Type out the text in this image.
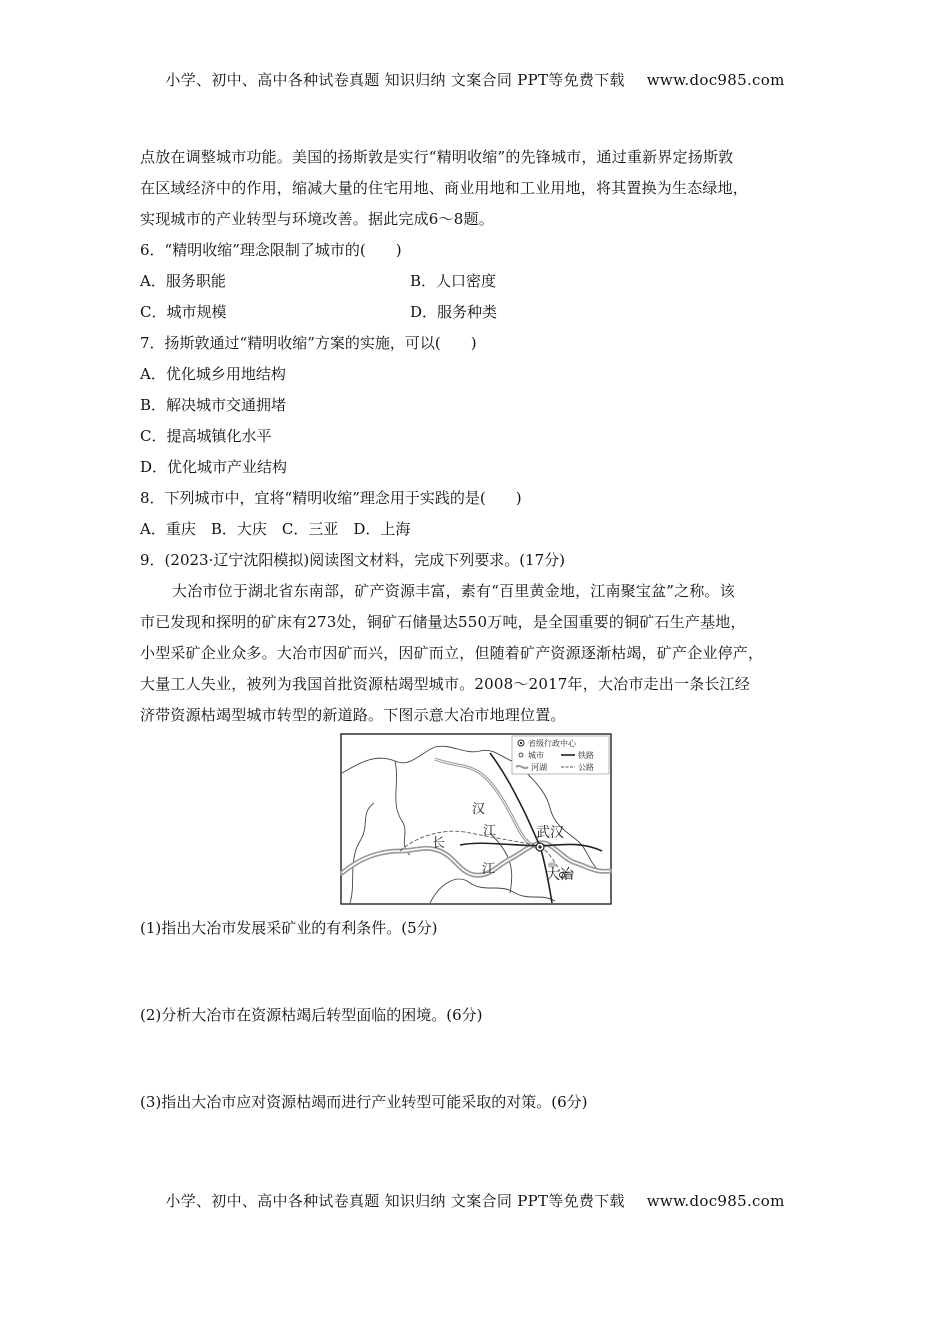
小学、初中、高中各种试卷真题 知识归纳 文案合同 PPT等免费下载 www.doc985.com
点放在调整城市功能。美国的扬斯敦是实行“精明收缩”的先锋城市，通过重新界定扬斯敦
在区域经济中的作用，缩减大量的住宅用地、商业用地和工业用地，将其置换为生态绿地，
实现城市的产业转型与环境改善。据此完成6～8题。
6．“精明收缩”理念限制了城市的(　　)
A．服务职能	B．人口密度
C．城市规模	D．服务种类
7．扬斯敦通过“精明收缩”方案的实施，可以(　　)
A．优化城乡用地结构
B．解决城市交通拥堵
C．提高城镇化水平
D．优化城市产业结构
8．下列城市中，宜将“精明收缩”理念用于实践的是(　　)
A．重庆　B．大庆　C．三亚　D．上海
9．(2023·辽宁沈阳模拟)阅读图文材料，完成下列要求。(17分)
大冶市位于湖北省东南部，矿产资源丰富，素有“百里黄金地，江南聚宝盆”之称。该
市已发现和探明的矿床有273处，铜矿石储量达550万吨，是全国重要的铜矿石生产基地，
小型采矿企业众多。大冶市因矿而兴，因矿而立，但随着矿产资源逐渐枯竭，矿产企业停产，
大量工人失业，被列为我国首批资源枯竭型城市。2008～2017年，大冶市走出一条长江经
济带资源枯竭型城市转型的新道路。下图示意大冶市地理位置。
汉
江
长
江
武汉
大冶
省级行政中心
城市	铁路
河湖	公路
(1)指出大冶市发展采矿业的有利条件。(5分)
(2)分析大冶市在资源枯竭后转型面临的困境。(6分)
(3)指出大冶市应对资源枯竭而进行产业转型可能采取的对策。(6分)
小学、初中、高中各种试卷真题 知识归纳 文案合同 PPT等免费下载 www.doc985.com
